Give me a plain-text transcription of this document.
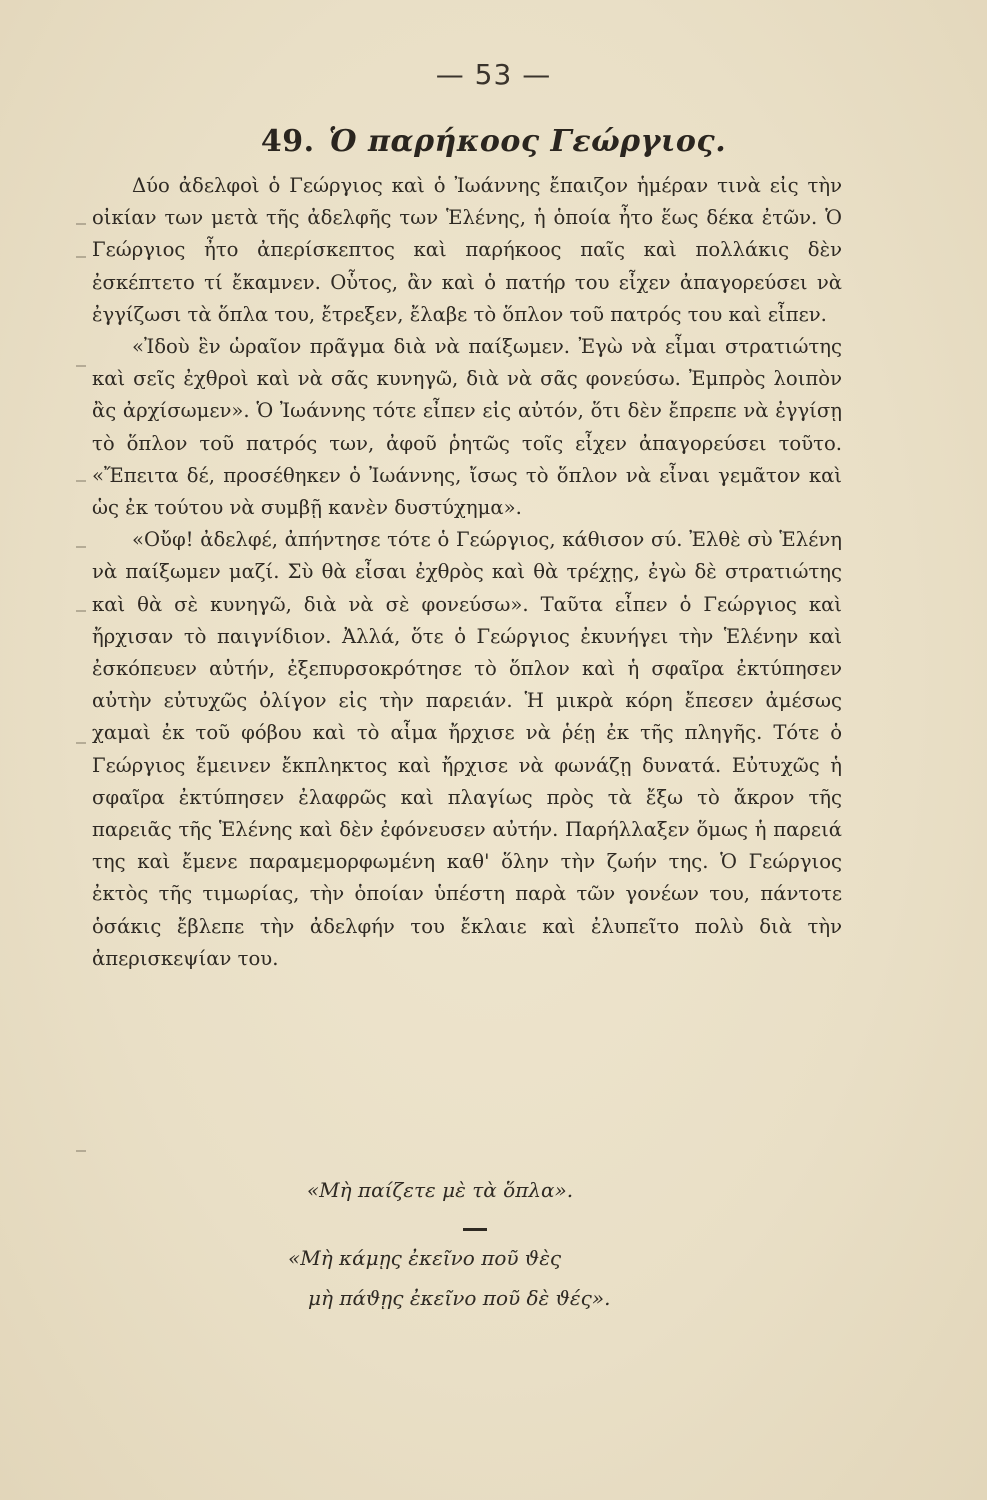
— 53 —
49. Ὁ παρήκοος Γεώργιος.

Δύο ἀδελφοὶ ὁ Γεώργιος καὶ ὁ Ἰωάννης ἔπαιζον ἡμέραν τινὰ εἰς τὴν οἰκίαν των μετὰ τῆς ἀδελφῆς των Ἑλένης, ἡ ὁποία ἦτο ἕως δέκα ἐτῶν. Ὁ Γεώργιος ἦτο ἀπερίσκεπτος καὶ παρήκοος παῖς καὶ πολλάκις δὲν ἐσκέπτετο τί ἔκαμνεν. Οὗτος, ἂν καὶ ὁ πατήρ του εἶχεν ἀπαγορεύσει νὰ ἐγγίζωσι τὰ ὅπλα του, ἔτρεξεν, ἔλαβε τὸ ὅπλον τοῦ πατρός του καὶ εἶπεν.

«Ἰδοὺ ἓν ὡραῖον πρᾶγμα διὰ νὰ παίξωμεν. Ἐγὼ νὰ εἶμαι στρατιώτης καὶ σεῖς ἐχθροὶ καὶ νὰ σᾶς κυνηγῶ, διὰ νὰ σᾶς φονεύσω. Ἐμπρὸς λοιπὸν ἂς ἀρχίσωμεν». Ὁ Ἰωάννης τότε εἶπεν εἰς αὐτόν, ὅτι δὲν ἔπρεπε νὰ ἐγγίσῃ τὸ ὅπλον τοῦ πατρός των, ἀφοῦ ῥητῶς τοῖς εἶχεν ἀπαγορεύσει τοῦτο. «Ἔπειτα δέ, προσέθηκεν ὁ Ἰωάννης, ἴσως τὸ ὅπλον νὰ εἶναι γεμᾶτον καὶ ὡς ἐκ τούτου νὰ συμβῇ κανὲν δυστύχημα».

«Οὔφ! ἀδελφέ, ἀπήντησε τότε ὁ Γεώργιος, κάθισον σύ. Ἐλθὲ σὺ Ἑλένη νὰ παίξωμεν μαζί. Σὺ θὰ εἶσαι ἐχθρὸς καὶ θὰ τρέχῃς, ἐγὼ δὲ στρατιώτης καὶ θὰ σὲ κυνηγῶ, διὰ νὰ σὲ φονεύσω». Ταῦτα εἶπεν ὁ Γεώργιος καὶ ἤρχισαν τὸ παιγνίδιον. Ἀλλά, ὅτε ὁ Γεώργιος ἐκυνήγει τὴν Ἑλένην καὶ ἐσκόπευεν αὐτήν, ἐξεπυρσοκρότησε τὸ ὅπλον καὶ ἡ σφαῖρα ἐκτύπησεν αὐτὴν εὐτυχῶς ὀλίγον εἰς τὴν παρειάν. Ἡ μικρὰ κόρη ἔπεσεν ἀμέσως χαμαὶ ἐκ τοῦ φόβου καὶ τὸ αἷμα ἤρχισε νὰ ῥέῃ ἐκ τῆς πληγῆς. Τότε ὁ Γεώργιος ἔμεινεν ἔκπληκτος καὶ ἤρχισε νὰ φωνάζῃ δυνατά. Εὐτυχῶς ἡ σφαῖρα ἐκτύπησεν ἐλαφρῶς καὶ πλαγίως πρὸς τὰ ἔξω τὸ ἄκρον τῆς παρειᾶς τῆς Ἑλένης καὶ δὲν ἐφόνευσεν αὐτήν. Παρήλλαξεν ὅμως ἡ παρειά της καὶ ἔμενε παραμεμορφωμένη καθ' ὅλην τὴν ζωήν της. Ὁ Γεώργιος ἐκτὸς τῆς τιμωρίας, τὴν ὁποίαν ὑπέστη παρὰ τῶν γονέων του, πάντοτε ὁσάκις ἔβλεπε τὴν ἀδελφήν του ἔκλαιε καὶ ἐλυπεῖτο πολὺ διὰ τὴν ἀπερισκεψίαν του.

«Μὴ παίζετε μὲ τὰ ὅπλα».
«Μὴ κάμῃς ἐκεῖνο ποῦ ϑὲς
μὴ πάϑῃς ἐκεῖνο ποῦ δὲ ϑές».
